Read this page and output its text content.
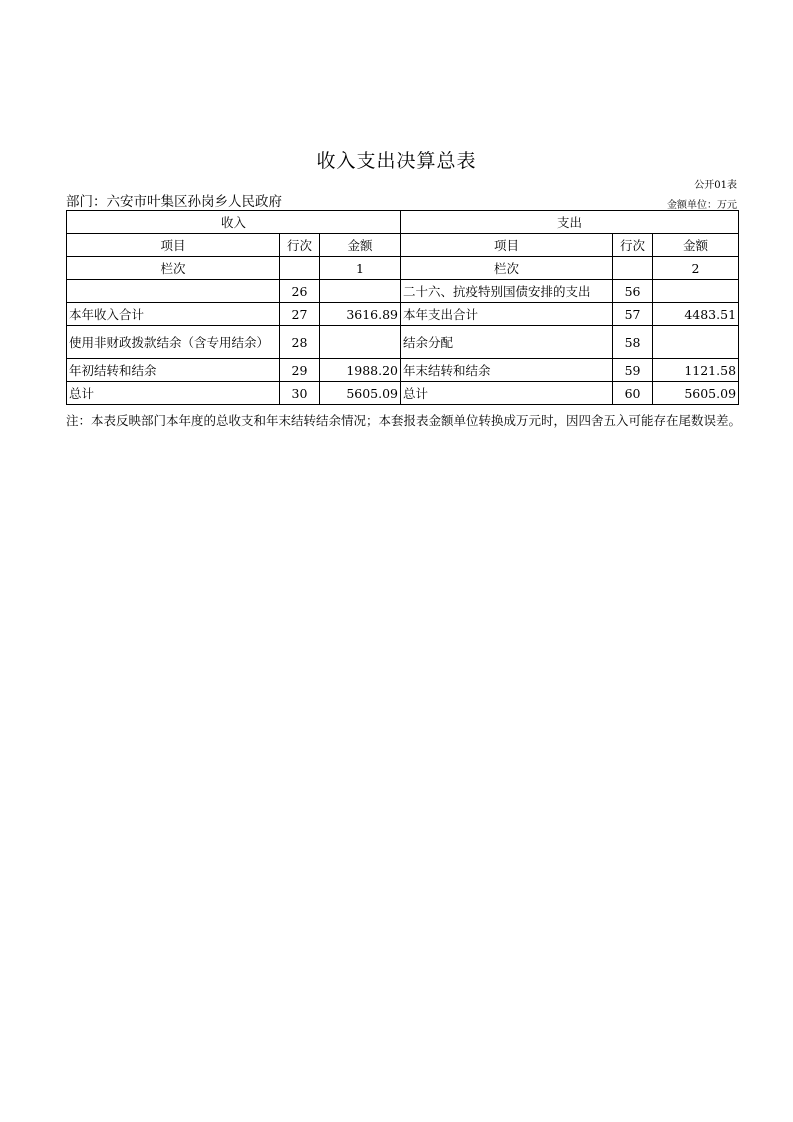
收入支出决算总表
公开01表
部门：六安市叶集区孙岗乡人民政府	金额单位：万元
收入			支出		
项目	行次	金额	项目	行次	金额
栏次		1	栏次		2
	26		二十六、抗疫特别国债安排的支出	56	
本年收入合计	27	3616.89	本年支出合计	57	4483.51
使用非财政拨款结余（含专用结余）	28		结余分配	58	
年初结转和结余	29	1988.20	年末结转和结余	59	1121.58
总计	30	5605.09	总计	60	5605.09
注：本表反映部门本年度的总收支和年末结转结余情况；本套报表金额单位转换成万元时，因四舍五入可能存在尾数误差。
